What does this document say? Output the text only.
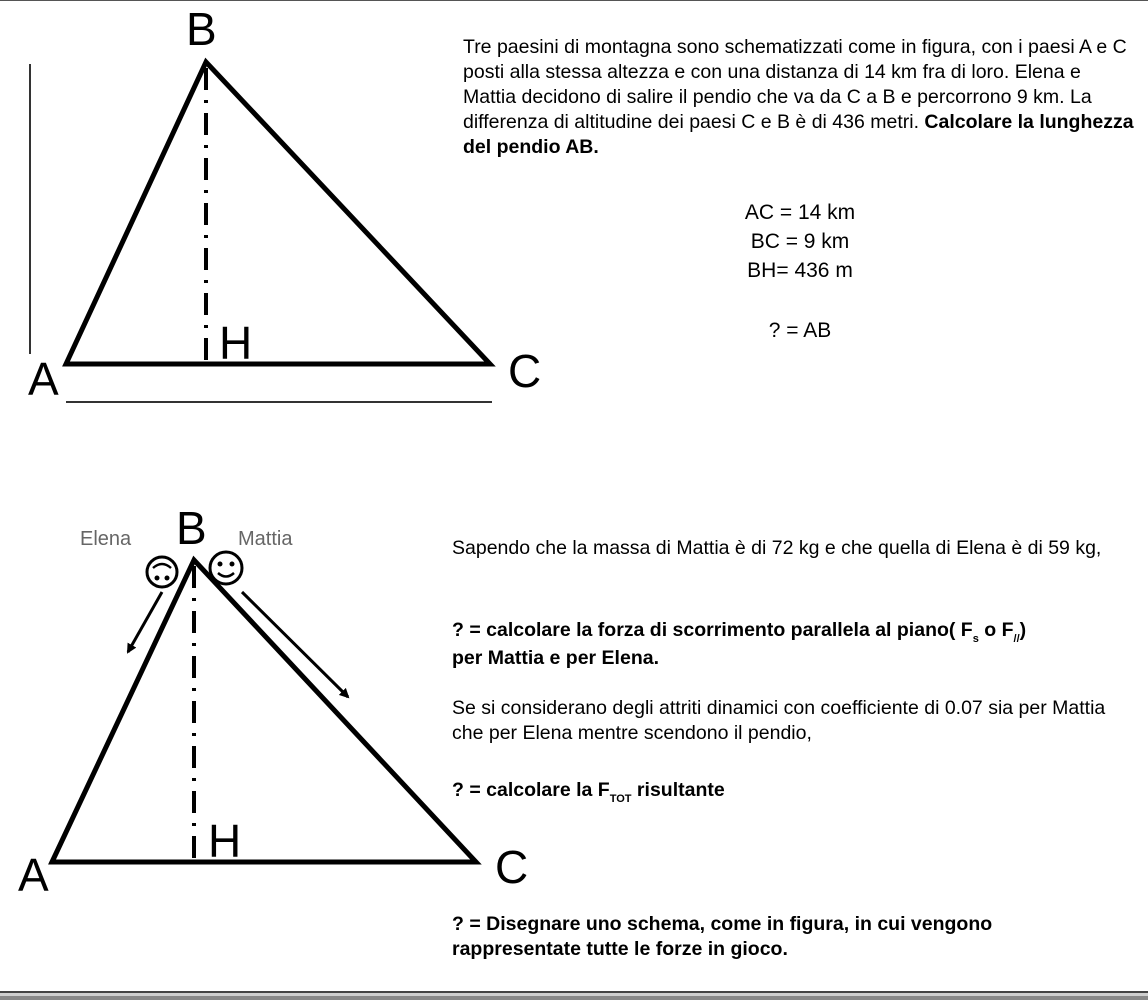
B
A	C
H
Tre paesini di montagna sono schematizzati come in figura, con i paesi A e C posti alla stessa altezza e con una distanza di 14 km fra di loro. Elena e Mattia decidono di salire il pendio che va da C a B e percorrono 9 km. La differenza di altitudine dei paesi C e B è di 436 metri. Calcolare la lunghezza del pendio AB.
AC = 14 km
BC = 9 km
BH= 436 m
? = AB
B
A	C
H
Elena	Mattia	Sapendo che la massa di Mattia è di 72 kg e che quella di Elena è di 59 kg,
? = calcolare la forza di scorrimento parallela al piano( $F_s$ o $F_{//}$)
per Mattia e per Elena.
Se si considerano degli attriti dinamici con coefficiente di 0.07 sia per Mattia che per Elena mentre scendono il pendio,
? = calcolare la $F_{TOT}$ risultante
? = Disegnare uno schema, come in figura, in cui vengono rappresentate tutte le forze in gioco.
